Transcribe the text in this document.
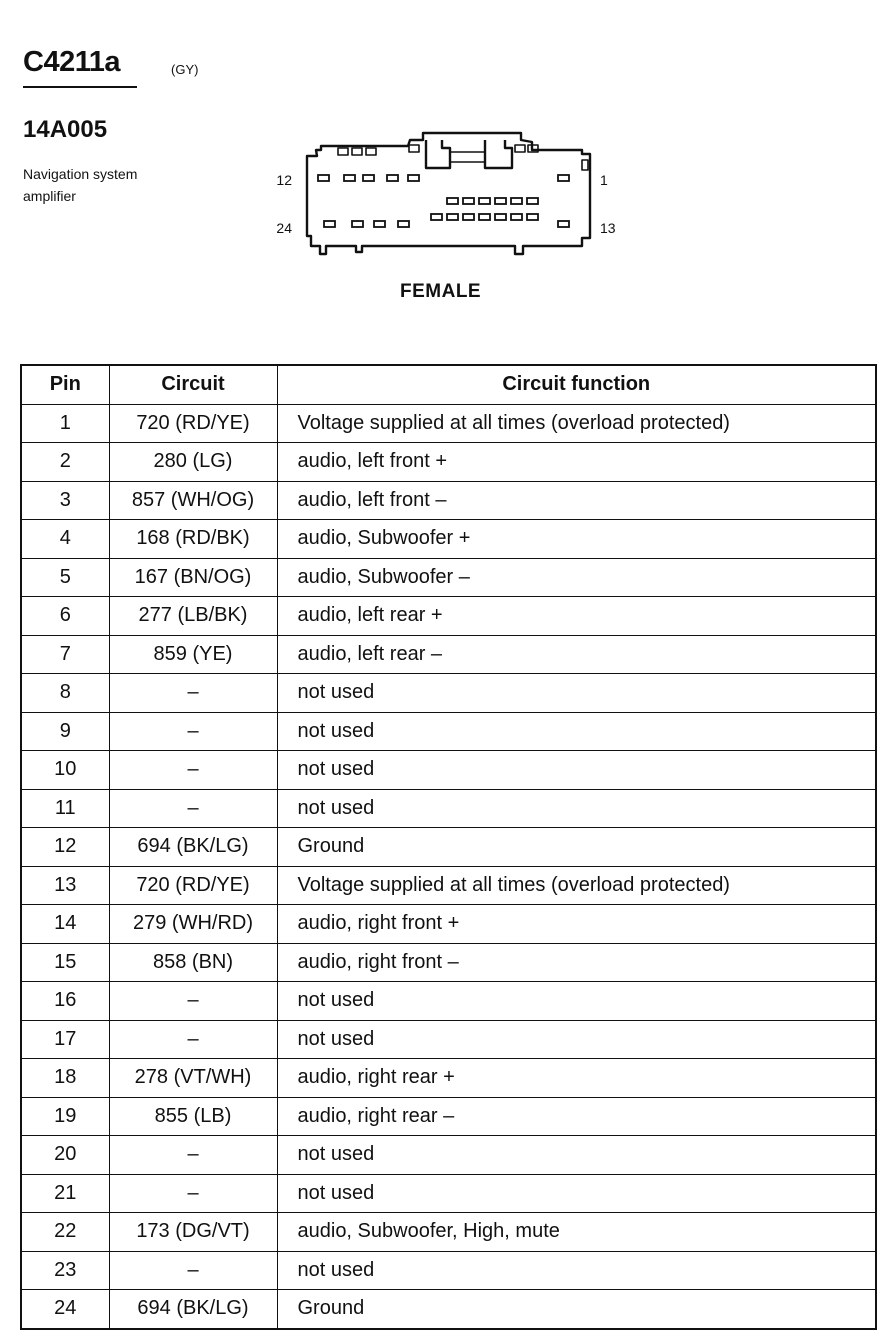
C4211a	(GY)
14A005
Navigation system
amplifier
12	1
24	13
FEMALE
Pin	Circuit	Circuit function
1	720 (RD/YE)	Voltage supplied at all times (overload protected)
2	280 (LG)	audio, left front +
3	857 (WH/OG)	audio, left front –
4	168 (RD/BK)	audio, Subwoofer +
5	167 (BN/OG)	audio, Subwoofer –
6	277 (LB/BK)	audio, left rear +
7	859 (YE)	audio, left rear –
8	–	not used
9	–	not used
10	–	not used
11	–	not used
12	694 (BK/LG)	Ground
13	720 (RD/YE)	Voltage supplied at all times (overload protected)
14	279 (WH/RD)	audio, right front +
15	858 (BN)	audio, right front –
16	–	not used
17	–	not used
18	278 (VT/WH)	audio, right rear +
19	855 (LB)	audio, right rear –
20	–	not used
21	–	not used
22	173 (DG/VT)	audio, Subwoofer, High, mute
23	–	not used
24	694 (BK/LG)	Ground
